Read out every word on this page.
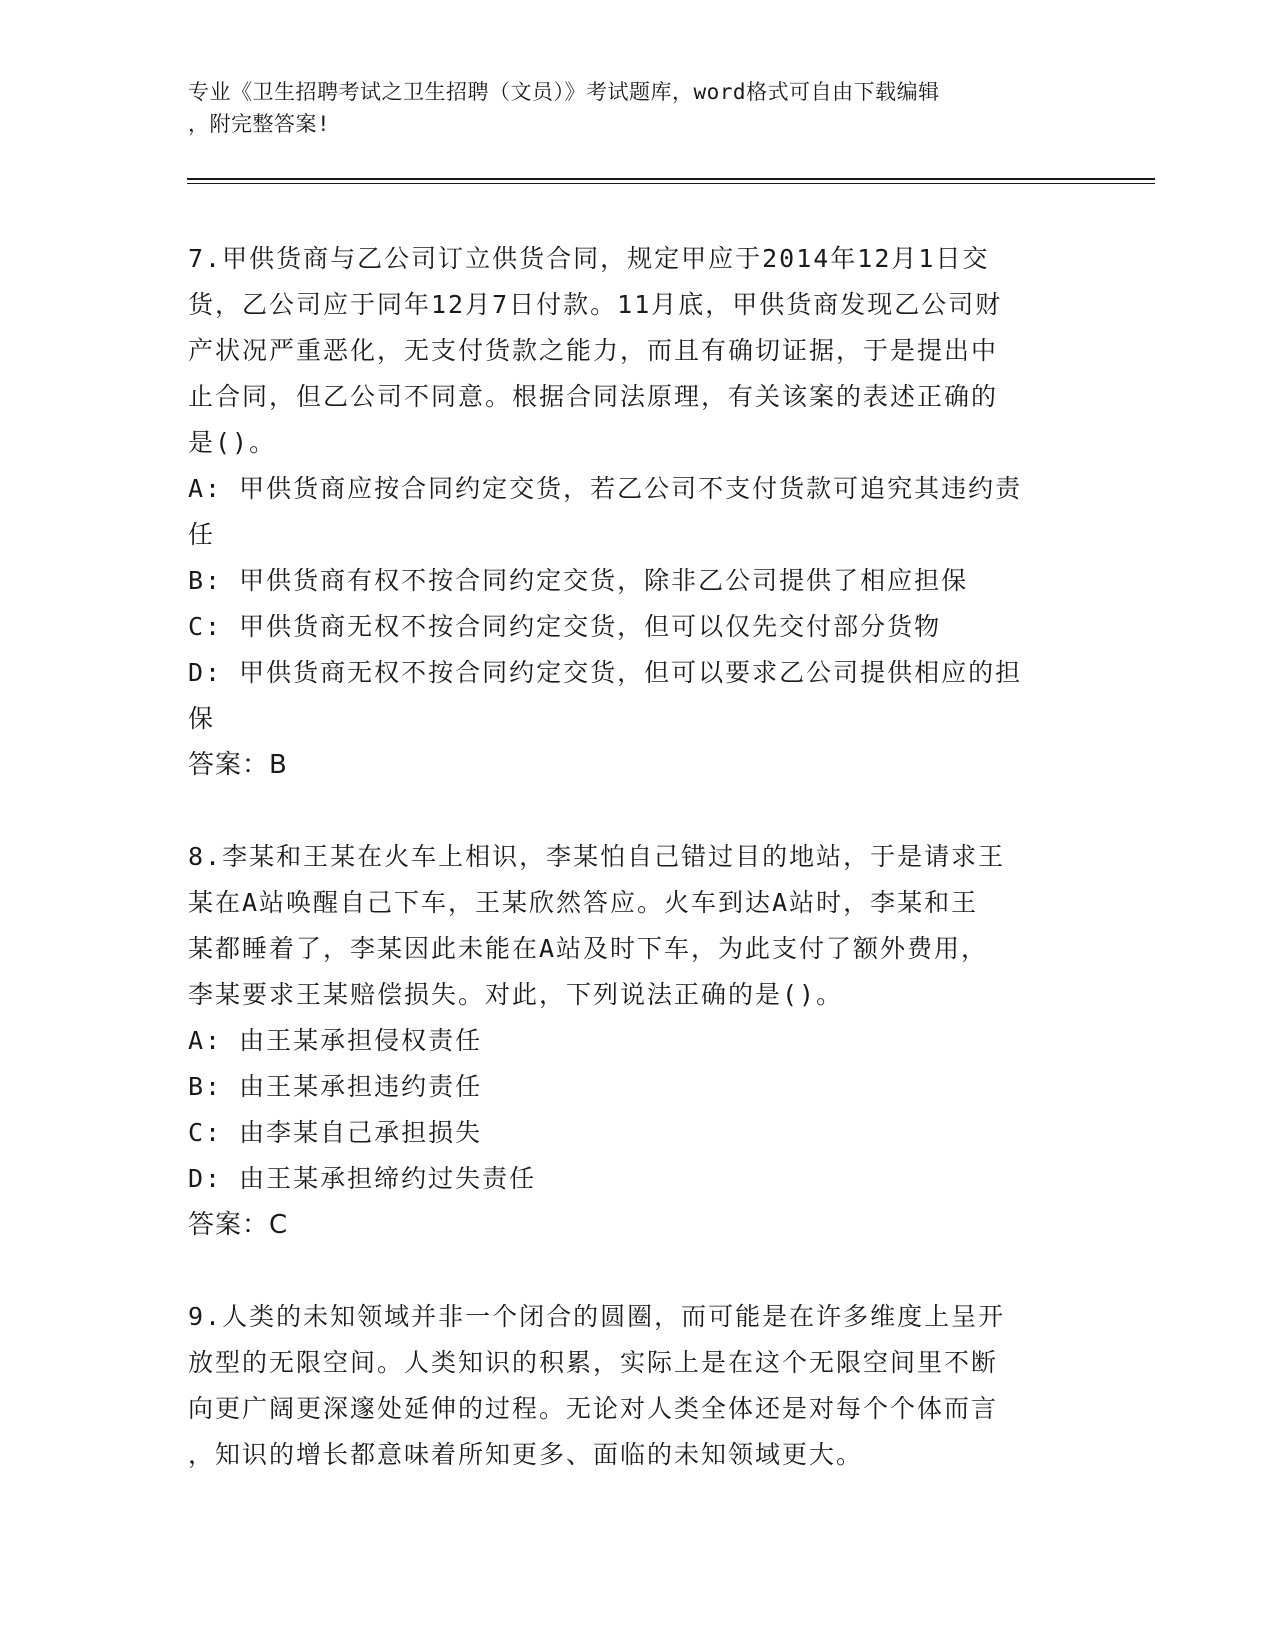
专业《卫生招聘考试之卫生招聘（文员）》考试题库，word格式可自由下载编辑
，附完整答案!

7.甲供货商与乙公司订立供货合同，规定甲应于2014年12月1日交

货，乙公司应于同年12月7日付款。11月底，甲供货商发现乙公司财

产状况严重恶化，无支付货款之能力，而且有确切证据，于是提出中

止合同，但乙公司不同意。根据合同法原理，有关该案的表述正确的

是()。

A: 甲供货商应按合同约定交货，若乙公司不支付货款可追究其违约责

任

B: 甲供货商有权不按合同约定交货，除非乙公司提供了相应担保

C: 甲供货商无权不按合同约定交货，但可以仅先交付部分货物

D: 甲供货商无权不按合同约定交货，但可以要求乙公司提供相应的担

保

答案：B

8.李某和王某在火车上相识，李某怕自己错过目的地站，于是请求王

某在A站唤醒自己下车，王某欣然答应。火车到达A站时，李某和王

某都睡着了，李某因此未能在A站及时下车，为此支付了额外费用，

李某要求王某赔偿损失。对此，下列说法正确的是()。

A: 由王某承担侵权责任

B: 由王某承担违约责任

C: 由李某自己承担损失

D: 由王某承担缔约过失责任

答案：C

9.人类的未知领域并非一个闭合的圆圈，而可能是在许多维度上呈开

放型的无限空间。人类知识的积累，实际上是在这个无限空间里不断

向更广阔更深邃处延伸的过程。无论对人类全体还是对每个个体而言

，知识的增长都意味着所知更多、面临的未知领域更大。
